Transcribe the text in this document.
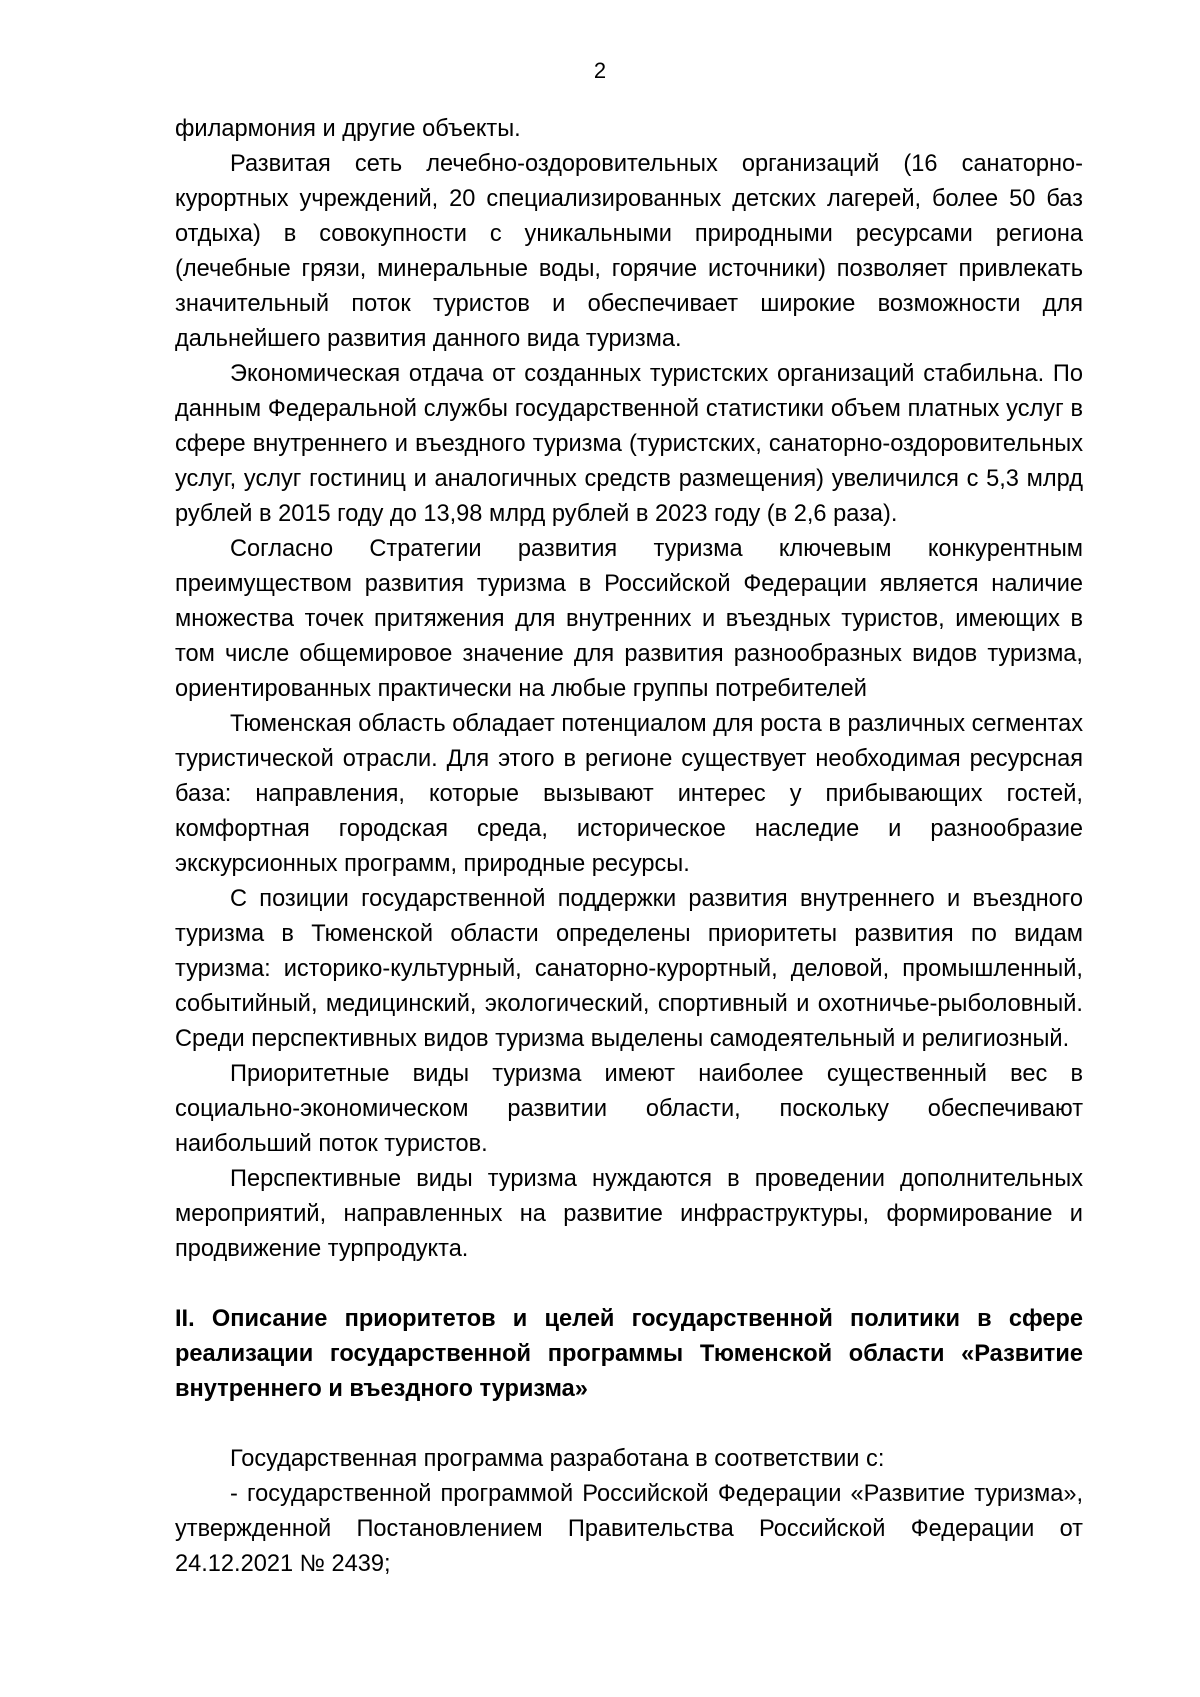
2

филармония и другие объекты.

Развитая сеть лечебно-оздоровительных организаций (16 санаторно-курортных учреждений, 20 специализированных детских лагерей, более 50 баз отдыха) в совокупности с уникальными природными ресурсами региона (лечебные грязи, минеральные воды, горячие источники) позволяет привлекать значительный поток туристов и обеспечивает широкие возможности для дальнейшего развития данного вида туризма.

Экономическая отдача от созданных туристских организаций стабильна. По данным Федеральной службы государственной статистики объем платных услуг в сфере внутреннего и въездного туризма (туристских, санаторно-оздоровительных услуг, услуг гостиниц и аналогичных средств размещения) увеличился с 5,3 млрд рублей в 2015 году до 13,98 млрд рублей в 2023 году (в 2,6 раза).

Согласно Стратегии развития туризма ключевым конкурентным преимуществом развития туризма в Российской Федерации является наличие множества точек притяжения для внутренних и въездных туристов, имеющих в том числе общемировое значение для развития разнообразных видов туризма, ориентированных практически на любые группы потребителей

Тюменская область обладает потенциалом для роста в различных сегментах туристической отрасли. Для этого в регионе существует необходимая ресурсная база: направления, которые вызывают интерес у прибывающих гостей, комфортная городская среда, историческое наследие и разнообразие экскурсионных программ, природные ресурсы.

С позиции государственной поддержки развития внутреннего и въездного туризма в Тюменской области определены приоритеты развития по видам туризма: историко-культурный, санаторно-курортный, деловой, промышленный, событийный, медицинский, экологический, спортивный и охотничье-рыболовный. Среди перспективных видов туризма выделены самодеятельный и религиозный.

Приоритетные виды туризма имеют наиболее существенный вес в социально-экономическом развитии области, поскольку обеспечивают наибольший поток туристов.

Перспективные виды туризма нуждаются в проведении дополнительных мероприятий, направленных на развитие инфраструктуры, формирование и продвижение турпродукта.

II. Описание приоритетов и целей государственной политики в сфере реализации государственной программы Тюменской области «Развитие внутреннего и въездного туризма»

Государственная программа разработана в соответствии с:

- государственной программой Российской Федерации «Развитие туризма», утвержденной Постановлением Правительства Российской Федерации от 24.12.2021 № 2439;
